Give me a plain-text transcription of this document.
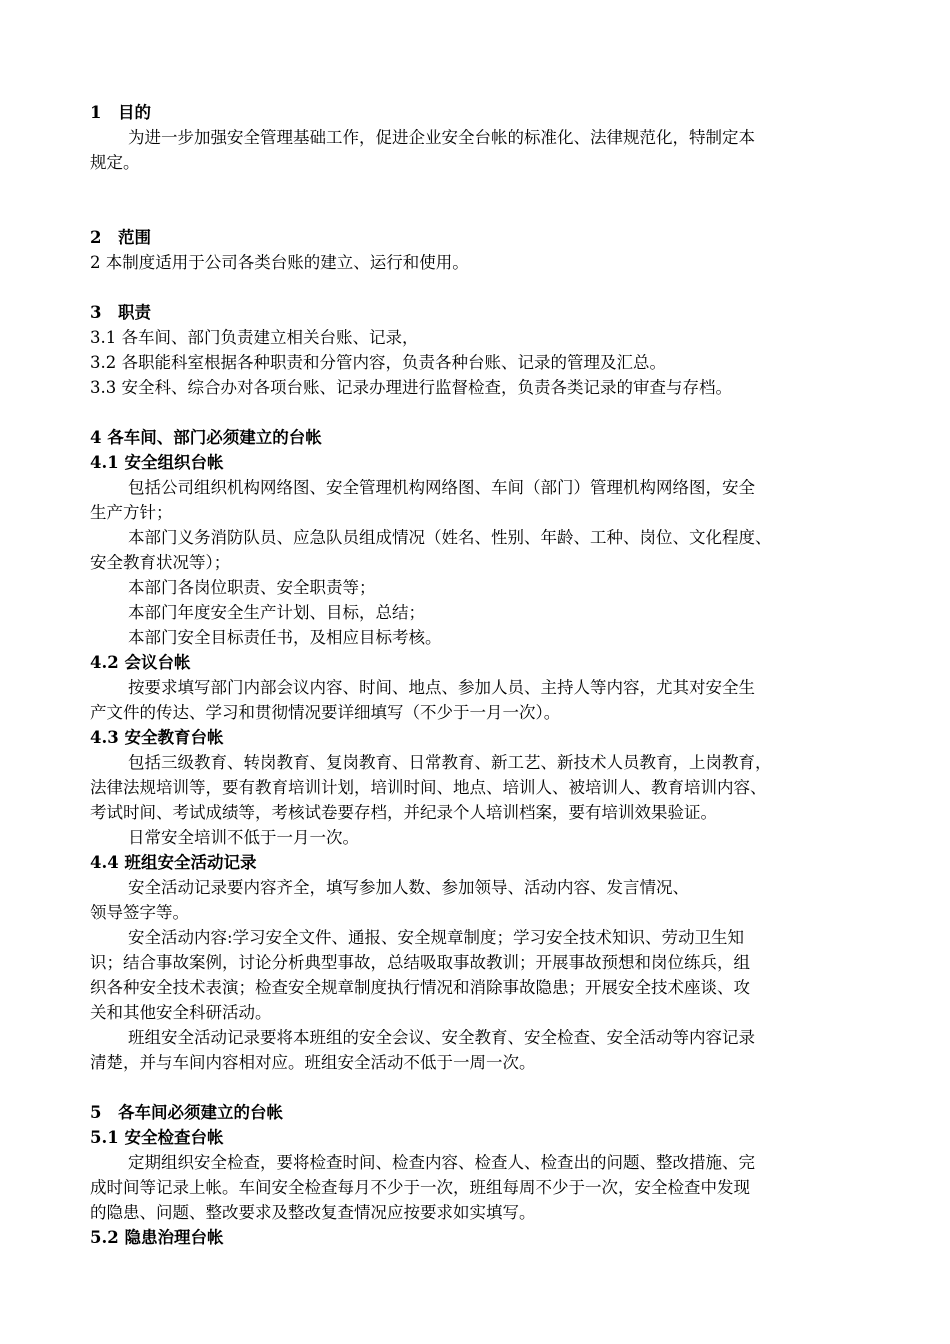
1 目的
为进一步加强安全管理基础工作，促进企业安全台帐的标准化、法律规范化，特制定本
规定。
2 范围
2 本制度适用于公司各类台账的建立、运行和使用。
3 职责
3.1 各车间、部门负责建立相关台账、记录，
3.2 各职能科室根据各种职责和分管内容，负责各种台账、记录的管理及汇总。
3.3 安全科、综合办对各项台账、记录办理进行监督检查，负责各类记录的审查与存档。
4 各车间、部门必须建立的台帐
4.1 安全组织台帐
包括公司组织机构网络图、安全管理机构网络图、车间（部门）管理机构网络图，安全
生产方针；
本部门义务消防队员、应急队员组成情况（姓名、性别、年龄、工种、岗位、文化程度、
安全教育状况等）；
本部门各岗位职责、安全职责等；
本部门年度安全生产计划、目标，总结；
本部门安全目标责任书，及相应目标考核。
4.2 会议台帐
按要求填写部门内部会议内容、时间、地点、参加人员、主持人等内容，尤其对安全生
产文件的传达、学习和贯彻情况要详细填写（不少于一月一次）。
4.3 安全教育台帐
包括三级教育、转岗教育、复岗教育、日常教育、新工艺、新技术人员教育，上岗教育，
法律法规培训等，要有教育培训计划，培训时间、地点、培训人、被培训人、教育培训内容、
考试时间、考试成绩等，考核试卷要存档，并纪录个人培训档案，要有培训效果验证。
日常安全培训不低于一月一次。
4.4 班组安全活动记录
安全活动记录要内容齐全，填写参加人数、参加领导、活动内容、发言情况、
领导签字等。
安全活动内容:学习安全文件、通报、安全规章制度；学习安全技术知识、劳动卫生知
识；结合事故案例，讨论分析典型事故，总结吸取事故教训；开展事故预想和岗位练兵，组
织各种安全技术表演；检查安全规章制度执行情况和消除事故隐患；开展安全技术座谈、攻
关和其他安全科研活动。
班组安全活动记录要将本班组的安全会议、安全教育、安全检查、安全活动等内容记录
清楚，并与车间内容相对应。班组安全活动不低于一周一次。
5 各车间必须建立的台帐
5.1 安全检查台帐
定期组织安全检查，要将检查时间、检查内容、检查人、检查出的问题、整改措施、完
成时间等记录上帐。车间安全检查每月不少于一次，班组每周不少于一次，安全检查中发现
的隐患、问题、整改要求及整改复查情况应按要求如实填写。
5.2 隐患治理台帐
